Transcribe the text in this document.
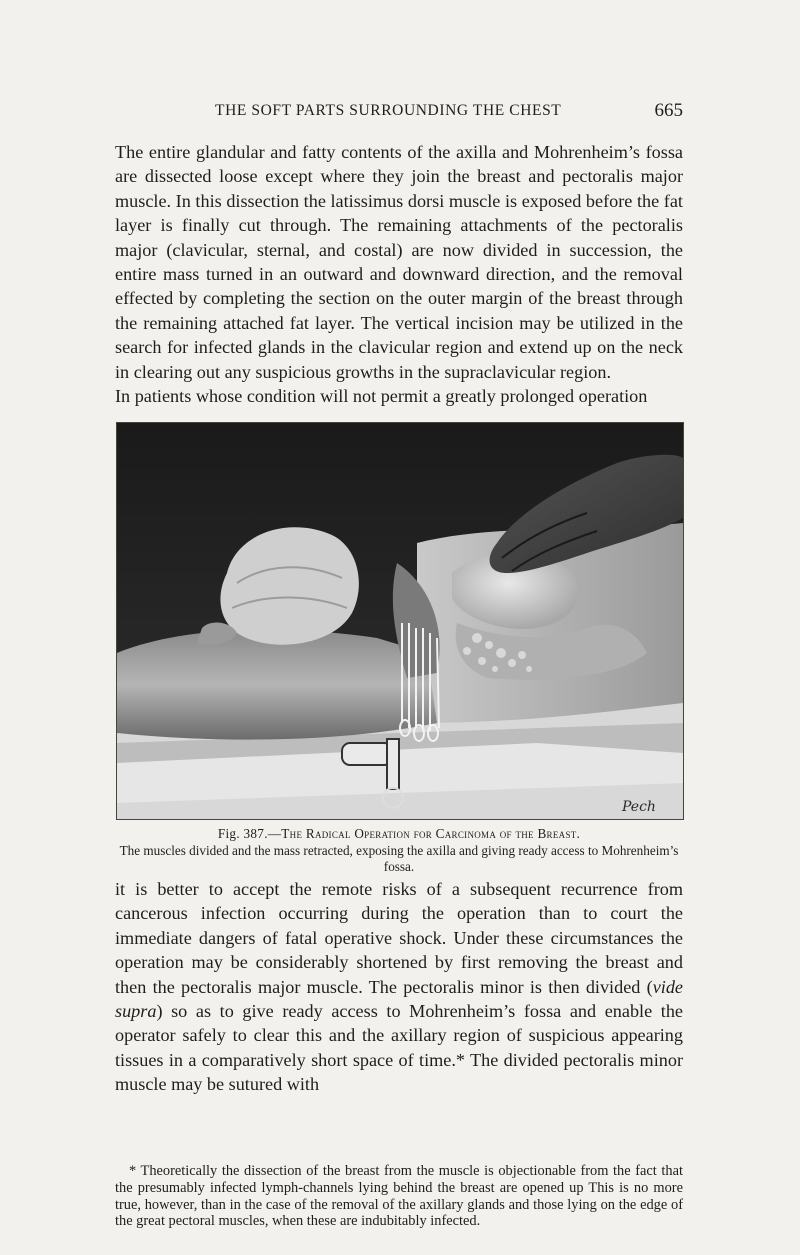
THE SOFT PARTS SURROUNDING THE CHEST	665

The entire glandular and fatty contents of the axilla and Mohrenheim’s fossa are dissected loose except where they join the breast and pectoralis major muscle. In this dissection the latissimus dorsi muscle is exposed before the fat layer is finally cut through. The remaining attachments of the pectoralis major (clavicular, sternal, and costal) are now divided in succession, the entire mass turned in an outward and downward direction, and the removal effected by completing the section on the outer margin of the breast through the remaining attached fat layer. The vertical incision may be utilized in the search for infected glands in the clavicular region and extend up on the neck in clearing out any suspicious growths in the supraclavicular region.

In patients whose condition will not permit a greatly prolonged operation

Pech
Fig. 387.—The Radical Operation for Carcinoma of the Breast.
The muscles divided and the mass retracted, exposing the axilla and giving ready access to Mohrenheim’s fossa.

it is better to accept the remote risks of a subsequent recurrence from cancerous infection occurring during the operation than to court the immediate dangers of fatal operative shock. Under these circumstances the operation may be considerably shortened by first removing the breast and then the pectoralis major muscle. The pectoralis minor is then divided (vide supra) so as to give ready access to Mohrenheim’s fossa and enable the operator safely to clear this and the axillary region of suspicious appearing tissues in a comparatively short space of time.* The divided pectoralis minor muscle may be sutured with

* Theoretically the dissection of the breast from the muscle is objectionable from the fact that the presumably infected lymph-channels lying behind the breast are opened up This is no more true, however, than in the case of the removal of the axillary glands and those lying on the edge of the great pectoral muscles, when these are indubitably infected.
